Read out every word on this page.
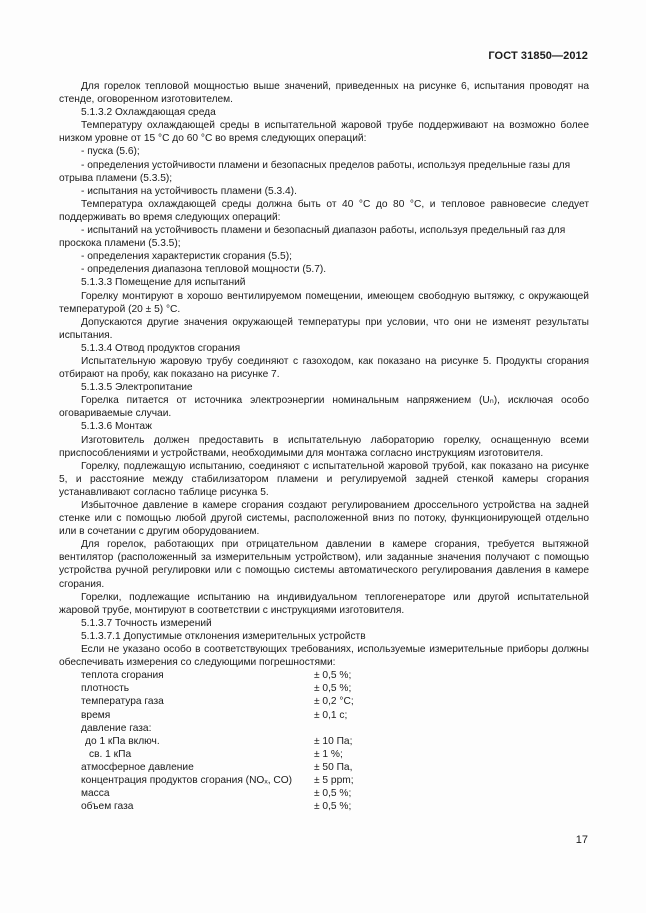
ГОСТ 31850—2012

Для горелок тепловой мощностью выше значений, приведенных на рисунке 6, испытания проводят на стенде, оговоренном изготовителем.

5.1.3.2 Охлаждающая среда

Температуру охлаждающей среды в испытательной жаровой трубе поддерживают на возможно более низком уровне от 15 °С до 60 °С во время следующих операций:

- пуска (5.6);

- определения устойчивости пламени и безопасных пределов работы, используя предельные газы для отрыва пламени (5.3.5);

- испытания на устойчивость пламени (5.3.4).

Температура охлаждающей среды должна быть от 40 °С до 80 °С, и тепловое равновесие следует поддерживать во время следующих операций:

- испытаний на устойчивость пламени и безопасный диапазон работы, используя предельный газ для проскока пламени (5.3.5);

- определения характеристик сгорания (5.5);

- определения диапазона тепловой мощности (5.7).

5.1.3.3 Помещение для испытаний

Горелку монтируют в хорошо вентилируемом помещении, имеющем свободную вытяжку, с окружающей температурой (20 ± 5) °С.

Допускаются другие значения окружающей температуры при условии, что они не изменят результаты испытания.

5.1.3.4 Отвод продуктов сгорания

Испытательную жаровую трубу соединяют с газоходом, как показано на рисунке 5. Продукты сгорания отбирают на пробу, как показано на рисунке 7.

5.1.3.5 Электропитание

Горелка питается от источника электроэнергии номинальным напряжением (Uₙ), исключая особо оговариваемые случаи.

5.1.3.6 Монтаж

Изготовитель должен предоставить в испытательную лабораторию горелку, оснащенную всеми приспособлениями и устройствами, необходимыми для монтажа согласно инструкциям изготовителя.

Горелку, подлежащую испытанию, соединяют с испытательной жаровой трубой, как показано на рисунке 5, и расстояние между стабилизатором пламени и регулируемой задней стенкой камеры сгорания устанавливают согласно таблице рисунка 5.

Избыточное давление в камере сгорания создают регулированием дроссельного устройства на задней стенке или с помощью любой другой системы, расположенной вниз по потоку, функционирующей отдельно или в сочетании с другим оборудованием.

Для горелок, работающих при отрицательном давлении в камере сгорания, требуется вытяжной вентилятор (расположенный за измерительным устройством), или заданные значения получают с помощью устройства ручной регулировки или с помощью системы автоматического регулирования давления в камере сгорания.

Горелки, подлежащие испытанию на индивидуальном теплогенераторе или другой испытательной жаровой трубе, монтируют в соответствии с инструкциями изготовителя.

5.1.3.7 Точность измерений

5.1.3.7.1 Допустимые отклонения измерительных устройств

Если не указано особо в соответствующих требованиях, используемые измерительные приборы должны обеспечивать измерения со следующими погрешностями:

теплота сгорания	± 0,5 %;
плотность	± 0,5 %;
температура газа	± 0,2 °С;
время	± 0,1 с;
давление газа:
до 1 кПа включ.	± 10 Па;
св. 1 кПа	± 1 %;
атмосферное давление	± 50 Па,
концентрация продуктов сгорания (NOₓ, CO)	± 5 ppm;
масса	± 0,5 %;
объем газа	± 0,5 %;
17
